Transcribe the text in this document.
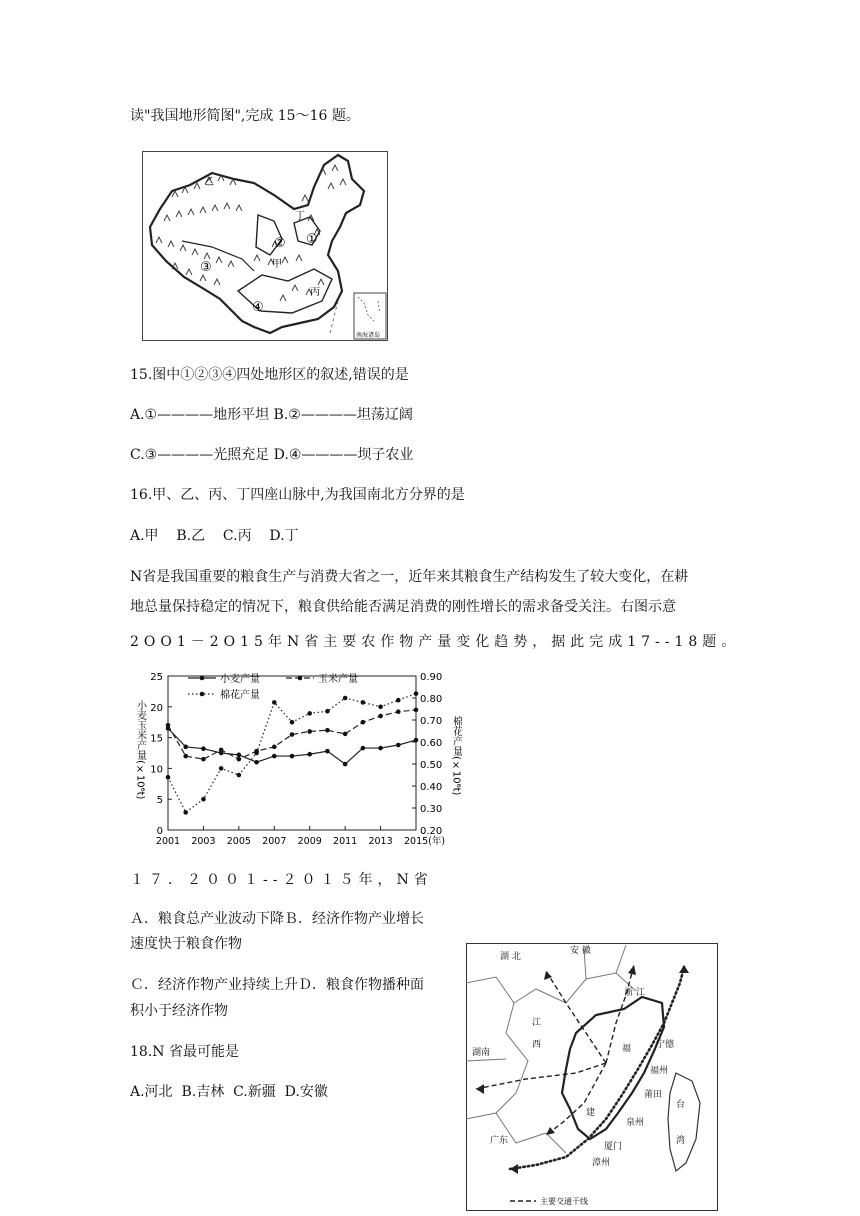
读"我国地形简图",完成 15～16 题。
乙
丁
甲
丙
①
②
③
④
南海诸岛
15.图中①②③④四处地形区的叙述,错误的是
A.①————地形平坦 B.②————坦荡辽阔
C.③————光照充足 D.④————坝子农业
16.甲、乙、丙、丁四座山脉中,为我国南北方分界的是
A.甲    B.乙    C.丙    D.丁
N省是我国重要的粮食生产与消费大省之一，近年来其粮食生产结构发生了较大变化，在耕
地总量保持稳定的情况下，粮食供给能否满足消费的刚性增长的需求备受关注。右图示意
2OO1－2O15年N省主要农作物产量变化趋势，据此完成17--18题。
0
5
10
15
20
25
0.20
0.30
0.40
0.50
0.60
0.70
0.80
0.90
2001 2003 2005 2007 2009 2011 2013 2015(年)
小麦玉米产量(×10⁶t)	棉花产量(×10⁶t)
小麦产量	玉米产量
棉花产量
１７．２００１--２０１５年，N省
Ａ．粮食总产业波动下降Ｂ．经济作物产业增长
速度快于粮食作物
Ｃ．经济作物产业持续上升Ｄ．粮食作物播种面
积小于经济作物
18.N 省最可能是
A.河北  B.吉林  C.新疆  D.安徽
湖 北
安 徽
浙 江
江
西
湖南	福
建
广东
宁德
福州
莆田
泉州
厦门
漳州
台
湾
主要交通干线
